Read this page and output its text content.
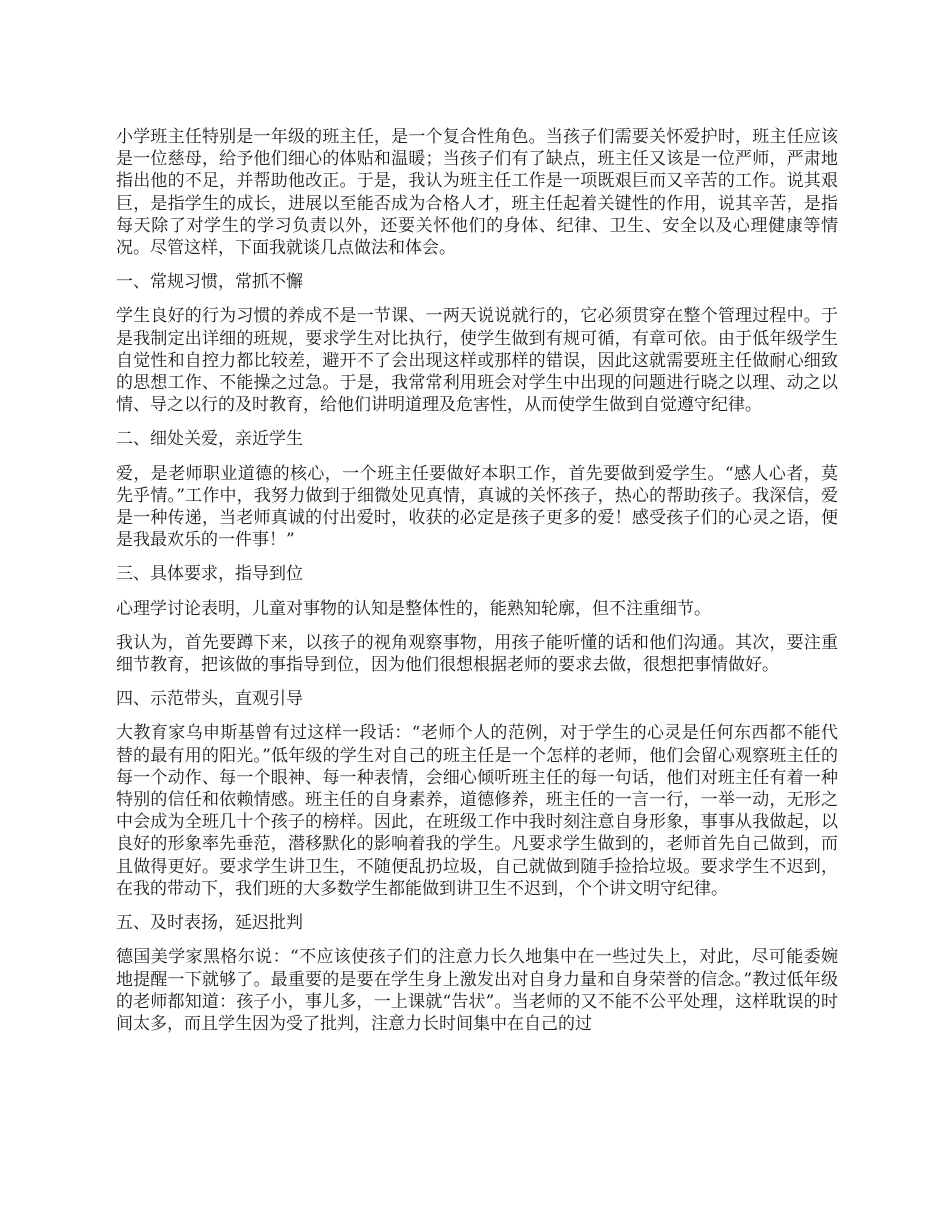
小学班主任特别是一年级的班主任，是一个复合性角色。当孩子们需要关怀爱护时，班主任应该是一位慈母，给予他们细心的体贴和温暖；当孩子们有了缺点，班主任又该是一位严师，严肃地指出他的不足，并帮助他改正。于是，我认为班主任工作是一项既艰巨而又辛苦的工作。说其艰巨，是指学生的成长，进展以至能否成为合格人才，班主任起着关键性的作用，说其辛苦，是指每天除了对学生的学习负责以外，还要关怀他们的身体、纪律、卫生、安全以及心理健康等情况。尽管这样，下面我就谈几点做法和体会。

一、常规习惯，常抓不懈

学生良好的行为习惯的养成不是一节课、一两天说说就行的，它必须贯穿在整个管理过程中。于是我制定出详细的班规，要求学生对比执行，使学生做到有规可循，有章可依。由于低年级学生自觉性和自控力都比较差，避开不了会出现这样或那样的错误，因此这就需要班主任做耐心细致的思想工作、不能操之过急。于是，我常常利用班会对学生中出现的问题进行晓之以理、动之以情、导之以行的及时教育，给他们讲明道理及危害性，从而使学生做到自觉遵守纪律。

二、细处关爱，亲近学生

爱，是老师职业道德的核心，一个班主任要做好本职工作，首先要做到爱学生。“感人心者，莫先乎情。”工作中，我努力做到于细微处见真情，真诚的关怀孩子，热心的帮助孩子。我深信，爱是一种传递，当老师真诚的付出爱时，收获的必定是孩子更多的爱！感受孩子们的心灵之语，便是我最欢乐的一件事！”

三、具体要求，指导到位

心理学讨论表明，儿童对事物的认知是整体性的，能熟知轮廓，但不注重细节。

我认为，首先要蹲下来，以孩子的视角观察事物，用孩子能听懂的话和他们沟通。其次，要注重细节教育，把该做的事指导到位，因为他们很想根据老师的要求去做，很想把事情做好。

四、示范带头，直观引导

大教育家乌申斯基曾有过这样一段话：“老师个人的范例，对于学生的心灵是任何东西都不能代替的最有用的阳光。”低年级的学生对自己的班主任是一个怎样的老师，他们会留心观察班主任的每一个动作、每一个眼神、每一种表情，会细心倾听班主任的每一句话，他们对班主任有着一种特别的信任和依赖情感。班主任的自身素养，道德修养，班主任的一言一行，一举一动，无形之中会成为全班几十个孩子的榜样。因此，在班级工作中我时刻注意自身形象，事事从我做起，以良好的形象率先垂范，潜移默化的影响着我的学生。凡要求学生做到的，老师首先自己做到，而且做得更好。要求学生讲卫生，不随便乱扔垃圾，自己就做到随手捡拾垃圾。要求学生不迟到，在我的带动下，我们班的大多数学生都能做到讲卫生不迟到，个个讲文明守纪律。

五、及时表扬，延迟批判

德国美学家黑格尔说：“不应该使孩子们的注意力长久地集中在一些过失上，对此，尽可能委婉地提醒一下就够了。最重要的是要在学生身上激发出对自身力量和自身荣誉的信念。”教过低年级的老师都知道：孩子小，事儿多，一上课就“告状”。当老师的又不能不公平处理，这样耽误的时间太多，而且学生因为受了批判，注意力长时间集中在自己的过
